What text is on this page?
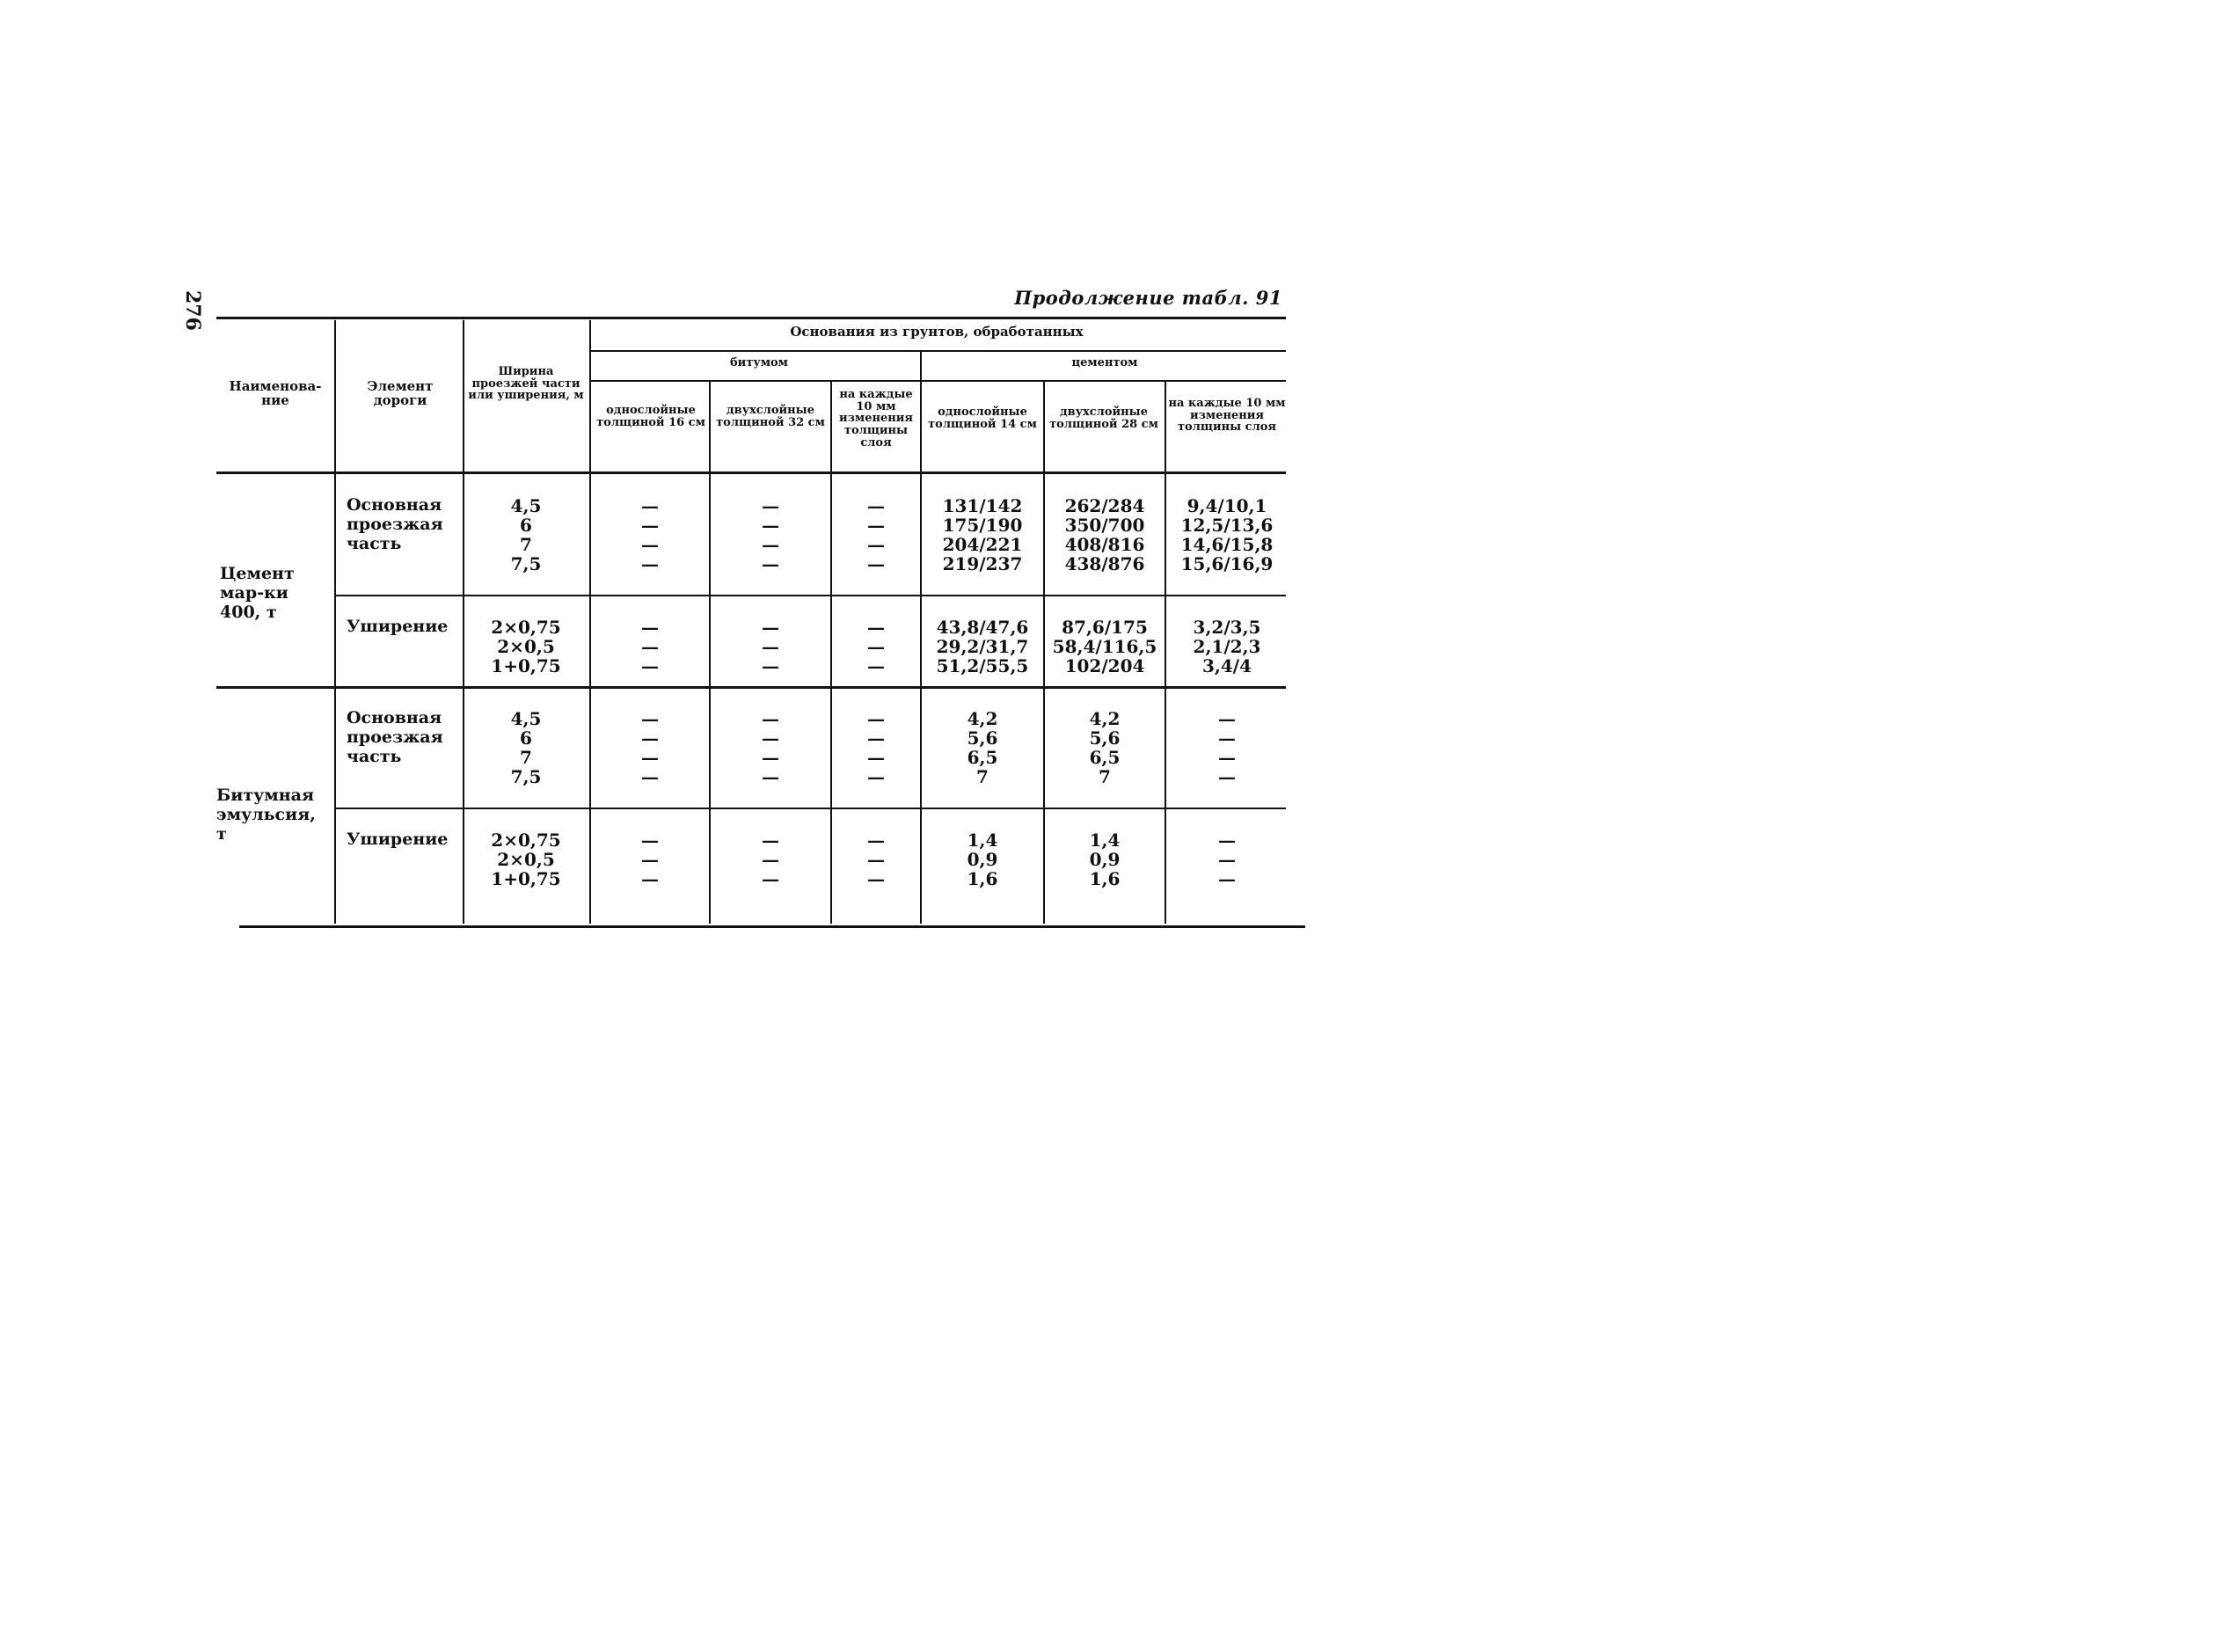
276	Продолжение табл. 91
Наименова-ние
Элемент дороги
Ширина проезжей части или уширения, м
Основания из грунтов, обработанных
битумом	цементом
однослойные толщиной 16 см
двухслойные толщиной 32 см
на каждые 10 мм изменения толщины слоя
однослойные толщиной 14 см
двухслойные толщиной 28 см
на каждые 10 мм изменения толщины слоя
Цемент мар-ки 400, т
Битумная эмульсия, т
Основная проезжая часть
Уширение
Основная проезжая часть
Уширение
4,5
6
7
7,5
—
—
—
—
—
—
—
—
—
—
—
—
131/142
175/190
204/221
219/237
262/284
350/700
408/816
438/876
9,4/10,1
12,5/13,6
14,6/15,8
15,6/16,9
2×0,75
2×0,5
1+0,75
—
—
—
—
—
—
—
—
—
43,8/47,6
29,2/31,7
51,2/55,5
87,6/175
58,4/116,5
102/204
3,2/3,5
2,1/2,3
3,4/4
4,5
6
7
7,5
—
—
—
—
—
—
—
—
—
—
—
—
4,2
5,6
6,5
7
4,2
5,6
6,5
7
—
—
—
—
2×0,75
2×0,5
1+0,75
—
—
—
—
—
—
—
—
—
1,4
0,9
1,6
1,4
0,9
1,6
—
—
—
